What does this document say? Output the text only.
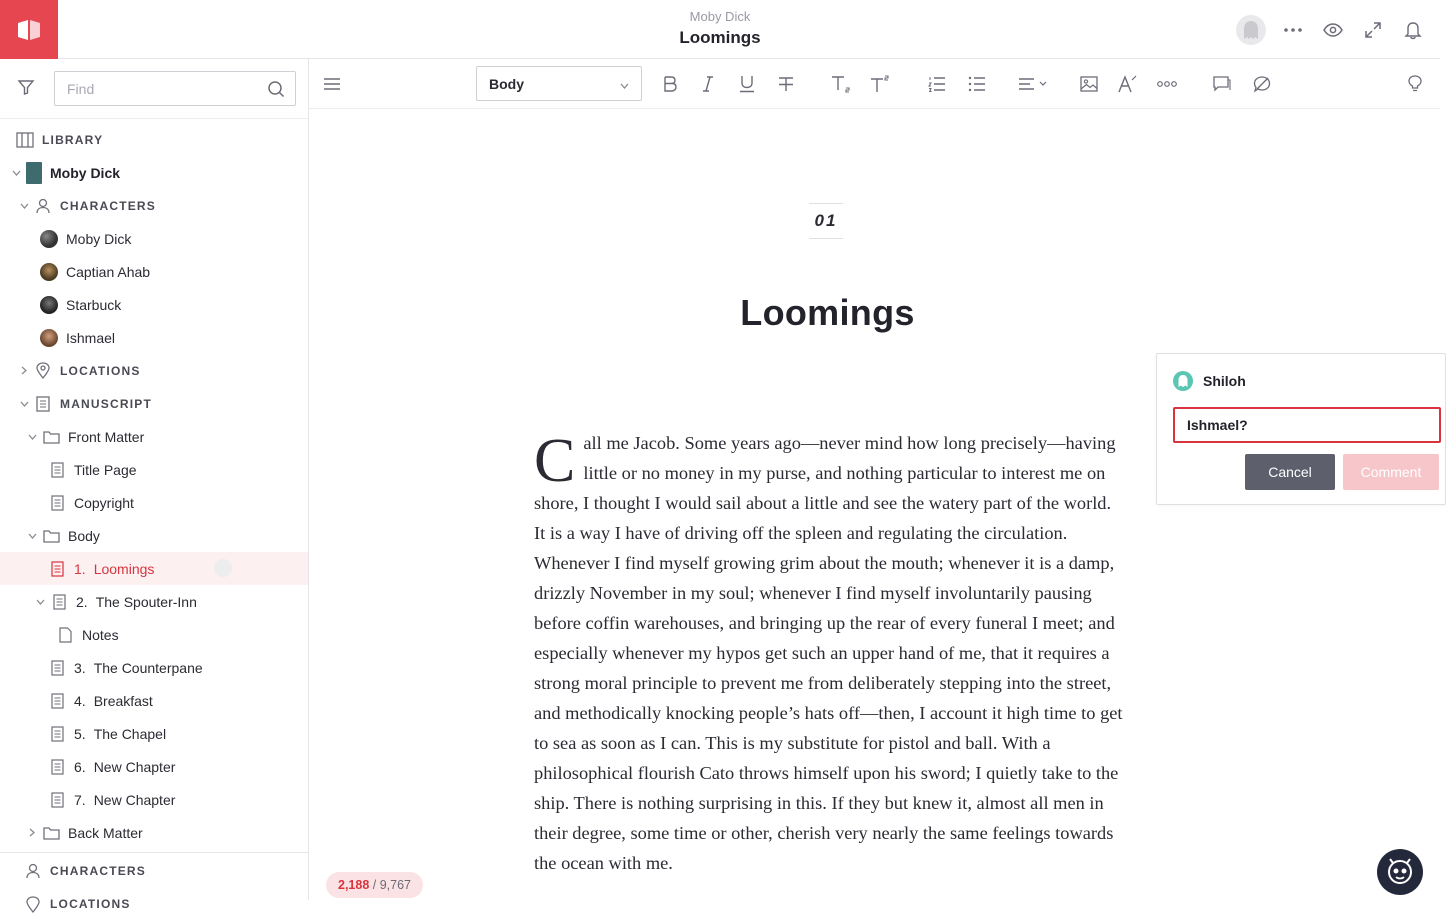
Moby Dick
Loomings
Find
LIBRARY
Moby Dick
CHARACTERS
Moby Dick
Captian Ahab
Starbuck
Ishmael
LOCATIONS
MANUSCRIPT
Front Matter
Title Page
Copyright
Body
1. Loomings
2. The Spouter-Inn
Notes
3. The Counterpane
4. Breakfast
5. The Chapel
6. New Chapter
7. New Chapter
Back Matter
CHARACTERS
LOCATIONS
Body
01
Loomings
C all me Jacob. Some years ago—never mind how long precisely—having little or no money in my purse, and nothing particular to interest me on shore, I thought I would sail about a little and see the watery part of the world. It is a way I have of driving off the spleen and regulating the circulation. Whenever I find myself growing grim about the mouth; whenever it is a damp, drizzly November in my soul; whenever I find myself involuntarily pausing before coffin warehouses, and bringing up the rear of every funeral I meet; and especially whenever my hypos get such an upper hand of me, that it requires a strong moral principle to prevent me from deliberately stepping into the street, and methodically knocking people’s hats off—then, I account it high time to get to sea as soon as I can. This is my substitute for pistol and ball. With a philosophical flourish Cato throws himself upon his sword; I quietly take to the ship. There is nothing surprising in this. If they but knew it, almost all men in their degree, some time or other, cherish very nearly the same feelings towards the ocean with me.
2,188 / 9,767
Shiloh
Ishmael?
Cancel	Comment
